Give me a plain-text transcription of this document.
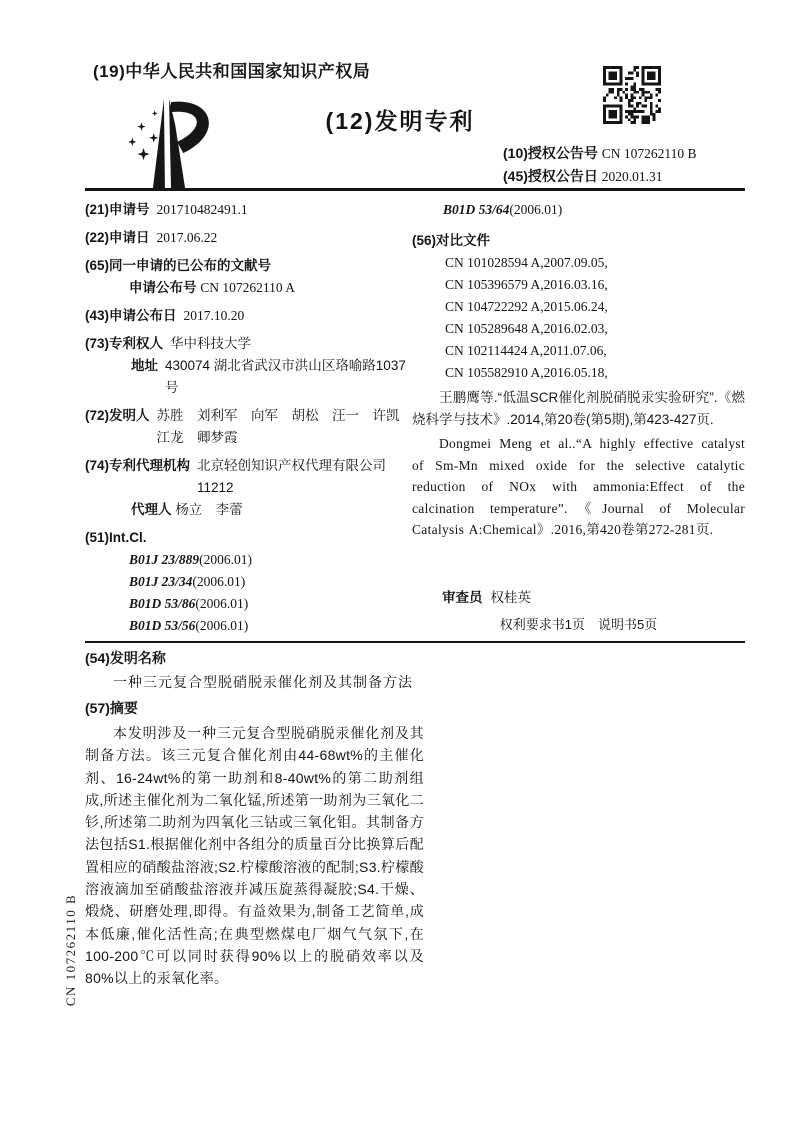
(19)中华人民共和国国家知识产权局
(12)发明专利
(10)授权公告号 CN 107262110 B
(45)授权公告日 2020.01.31
(21)申请号 201710482491.1
(22)申请日 2017.06.22
(65)同一申请的已公布的文献号
申请公布号 CN 107262110 A
(43)申请公布日 2017.10.20
(73)专利权人 华中科技大学
地址 430074 湖北省武汉市洪山区珞喻路1037号
(72)发明人 苏胜　刘利军　向军　胡松　汪一　许凯　江龙　卿梦霞
(74)专利代理机构 北京轻创知识产权代理有限公司 11212
代理人 杨立　李蕾
(51)Int.Cl.
B01J 23/889(2006.01)
B01J 23/34(2006.01)
B01D 53/86(2006.01)
B01D 53/56(2006.01)
B01D 53/64(2006.01)
(56)对比文件
CN 101028594 A,2007.09.05,
CN 105396579 A,2016.03.16,
CN 104722292 A,2015.06.24,
CN 105289648 A,2016.02.03,
CN 102114424 A,2011.07.06,
CN 105582910 A,2016.05.18,

王鹏鹰等.“低温SCR催化剂脱硝脱汞实验研究”.《燃烧科学与技术》.2014,第20卷(第5期),第423-427页.

Dongmei Meng et al..“A highly effective catalyst of Sm-Mn mixed oxide for the selective catalytic reduction of NOx with ammonia:Effect of the calcination temperature”.《Journal of Molecular Catalysis A:Chemical》.2016,第420卷第272-281页.

审查员 权桂英
权利要求书1页　说明书5页
(54)发明名称
一种三元复合型脱硝脱汞催化剂及其制备方法
(57)摘要

本发明涉及一种三元复合型脱硝脱汞催化剂及其制备方法。该三元复合催化剂由44-68wt%的主催化剂、16-24wt%的第一助剂和8-40wt%的第二助剂组成,所述主催化剂为二氧化锰,所述第一助剂为三氧化二钐,所述第二助剂为四氧化三钴或三氧化钼。其制备方法包括S1.根据催化剂中各组分的质量百分比换算后配置相应的硝酸盐溶液;S2.柠檬酸溶液的配制;S3.柠檬酸溶液滴加至硝酸盐溶液并减压旋蒸得凝胶;S4.干燥、煅烧、研磨处理,即得。有益效果为,制备工艺简单,成本低廉,催化活性高;在典型燃煤电厂烟气气氛下,在100-200℃可以同时获得90%以上的脱硝效率以及80%以上的汞氧化率。

CN 107262110 B
